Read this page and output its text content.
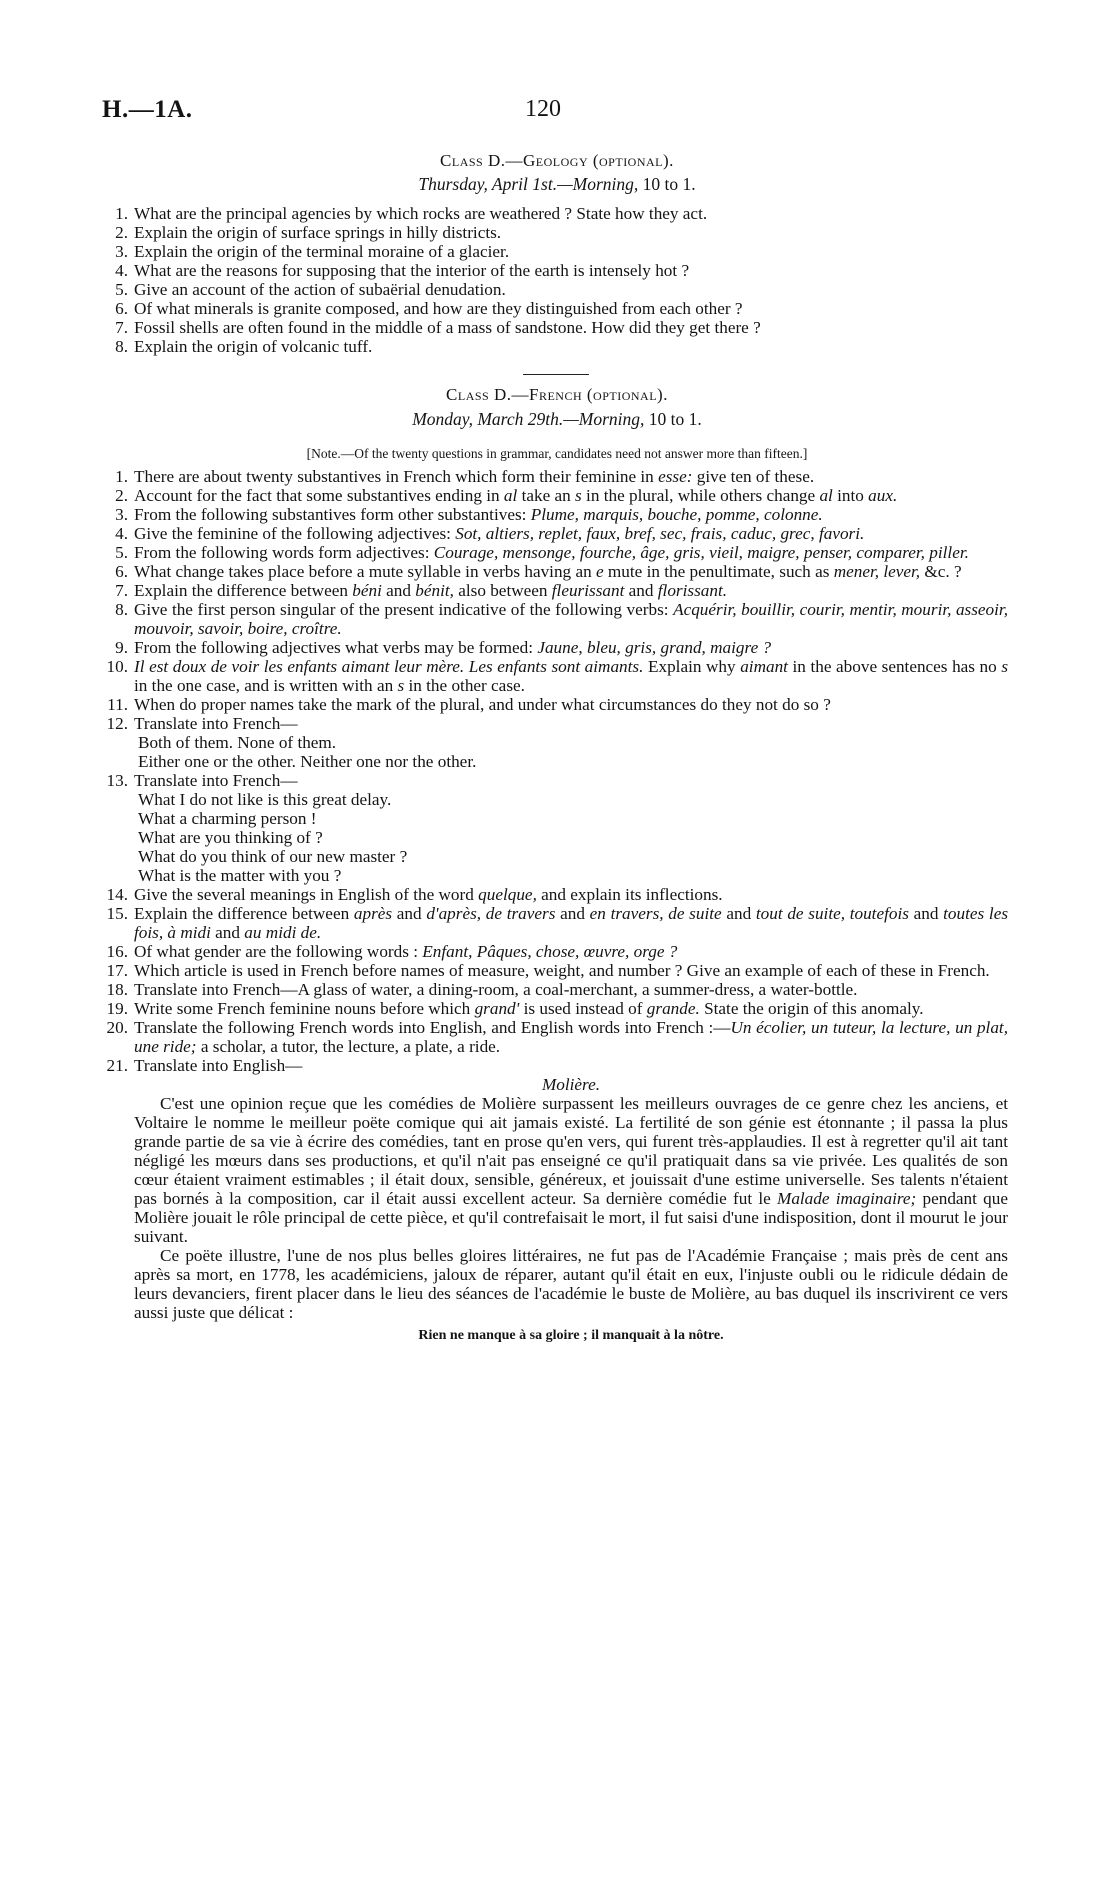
H.—1A.	120
Class D.—Geology (optional).
Thursday, April 1st.—Morning, 10 to 1.
1. What are the principal agencies by which rocks are weathered ? State how they act.
2. Explain the origin of surface springs in hilly districts.
3. Explain the origin of the terminal moraine of a glacier.
4. What are the reasons for supposing that the interior of the earth is intensely hot ?
5. Give an account of the action of subaërial denudation.
6. Of what minerals is granite composed, and how are they distinguished from each other ?
7. Fossil shells are often found in the middle of a mass of sandstone. How did they get there ?
8. Explain the origin of volcanic tuff.
Class D.—French (optional).
Monday, March 29th.—Morning, 10 to 1.
[Note.—Of the twenty questions in grammar, candidates need not answer more than fifteen.]
1. There are about twenty substantives in French which form their feminine in esse: give ten of these.
2. Account for the fact that some substantives ending in al take an s in the plural, while others change al into aux.
3. From the following substantives form other substantives: Plume, marquis, bouche, pomme, colonne.
4. Give the feminine of the following adjectives: Sot, altiers, replet, faux, bref, sec, frais, caduc, grec, favori.
5. From the following words form adjectives: Courage, mensonge, fourche, âge, gris, vieil, maigre, penser, comparer, piller.
6. What change takes place before a mute syllable in verbs having an e mute in the penultimate, such as mener, lever, &c. ?
7. Explain the difference between béni and bénit, also between fleurissant and florissant.
8. Give the first person singular of the present indicative of the following verbs: Acquérir, bouillir, courir, mentir, mourir, asseoir, mouvoir, savoir, boire, croître.
9. From the following adjectives what verbs may be formed: Jaune, bleu, gris, grand, maigre ?
10. Il est doux de voir les enfants aimant leur mère. Les enfants sont aimants. Explain why aimant in the above sentences has no s in the one case, and is written with an s in the other case.
11. When do proper names take the mark of the plural, and under what circumstances do they not do so ?
12. Translate into French—
Both of them. None of them.
Either one or the other. Neither one nor the other.
13. Translate into French—
What I do not like is this great delay.
What a charming person !
What are you thinking of ?
What do you think of our new master ?
What is the matter with you ?
14. Give the several meanings in English of the word quelque, and explain its inflections.
15. Explain the difference between après and d'après, de travers and en travers, de suite and tout de suite, toutefois and toutes les fois, à midi and au midi de.
16. Of what gender are the following words : Enfant, Pâques, chose, œuvre, orge ?
17. Which article is used in French before names of measure, weight, and number ? Give an example of each of these in French.
18. Translate into French—A glass of water, a dining-room, a coal-merchant, a summer-dress, a water-bottle.
19. Write some French feminine nouns before which grand' is used instead of grande. State the origin of this anomaly.
20. Translate the following French words into English, and English words into French :—Un écolier, un tuteur, la lecture, un plat, une ride; a scholar, a tutor, the lecture, a plate, a ride.
21. Translate into English—
Molière.
C'est une opinion reçue que les comédies de Molière surpassent les meilleurs ouvrages de ce genre chez les anciens, et Voltaire le nomme le meilleur poëte comique qui ait jamais existé. La fertilité de son génie est étonnante ; il passa la plus grande partie de sa vie à écrire des comédies, tant en prose qu'en vers, qui furent très-applaudies. Il est à regretter qu'il ait tant négligé les mœurs dans ses productions, et qu'il n'ait pas enseigné ce qu'il pratiquait dans sa vie privée. Les qualités de son cœur étaient vraiment estimables ; il était doux, sensible, généreux, et jouissait d'une estime universelle. Ses talents n'étaient pas bornés à la composition, car il était aussi excellent acteur. Sa dernière comédie fut le Malade imaginaire; pendant que Molière jouait le rôle principal de cette pièce, et qu'il contrefaisait le mort, il fut saisi d'une indisposition, dont il mourut le jour suivant.
Ce poëte illustre, l'une de nos plus belles gloires littéraires, ne fut pas de l'Académie Française ; mais près de cent ans après sa mort, en 1778, les académiciens, jaloux de réparer, autant qu'il était en eux, l'injuste oubli ou le ridicule dédain de leurs devanciers, firent placer dans le lieu des séances de l'académie le buste de Molière, au bas duquel ils inscrivirent ce vers aussi juste que délicat :
Rien ne manque à sa gloire ; il manquait à la nôtre.
